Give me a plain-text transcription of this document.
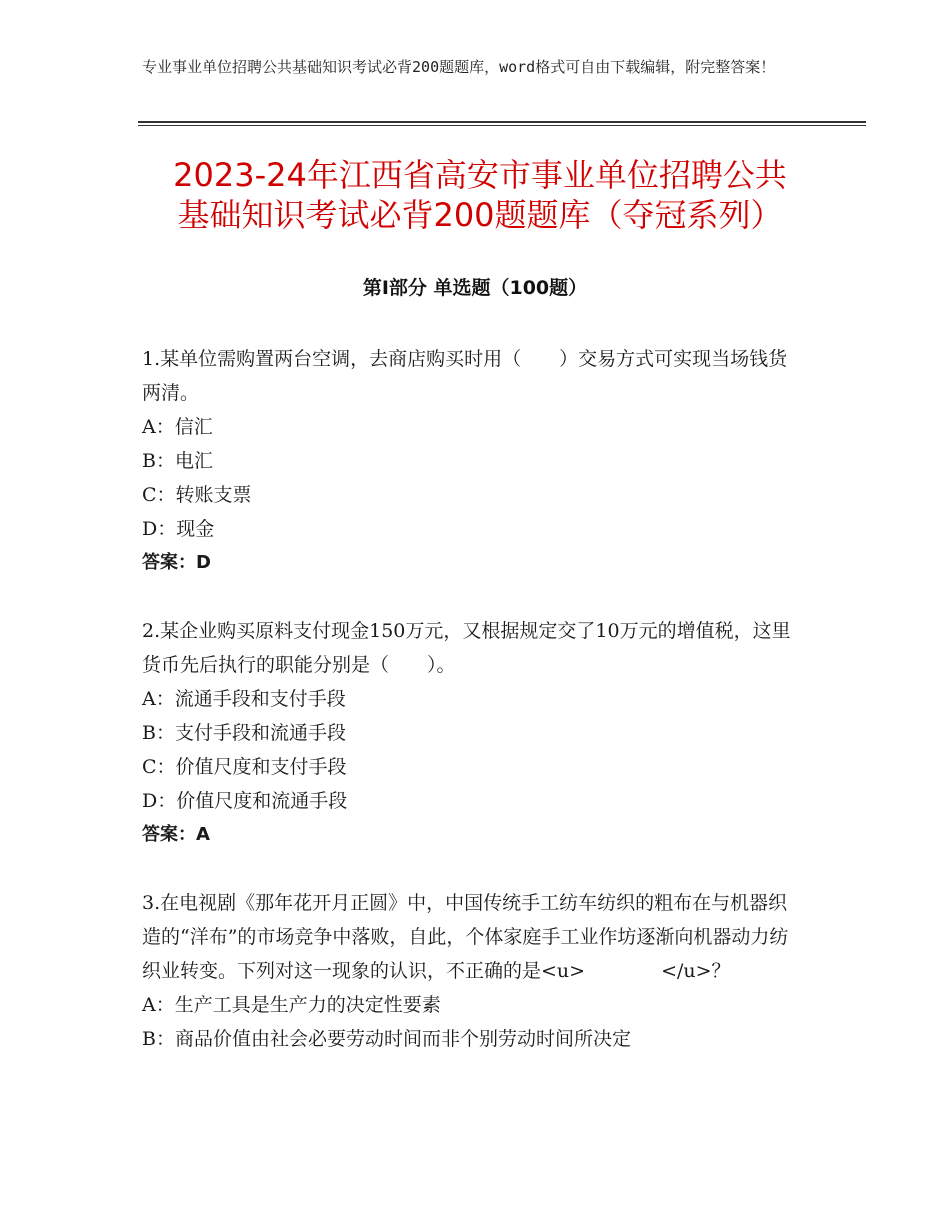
专业事业单位招聘公共基础知识考试必背200题题库，word格式可自由下载编辑，附完整答案！
2023-24年江西省高安市事业单位招聘公共
基础知识考试必背200题题库（夺冠系列）
第Ⅰ部分 单选题（100题）

1.某单位需购置两台空调，去商店购买时用（　　）交易方式可实现当场钱货两清。

A：信汇

B：电汇

C：转账支票

D：现金

答案：D

2.某企业购买原料支付现金150万元，又根据规定交了10万元的增值税，这里货币先后执行的职能分别是（　　）。

A：流通手段和支付手段

B：支付手段和流通手段

C：价值尺度和支付手段

D：价值尺度和流通手段

答案：A

3.在电视剧《那年花开月正圆》中，中国传统手工纺车纺织的粗布在与机器织造的“洋布”的市场竞争中落败，自此，个体家庭手工业作坊逐渐向机器动力纺织业转变。下列对这一现象的认识，不正确的是<u>　　　　</u>？

A：生产工具是生产力的决定性要素

B：商品价值由社会必要劳动时间而非个别劳动时间所决定
